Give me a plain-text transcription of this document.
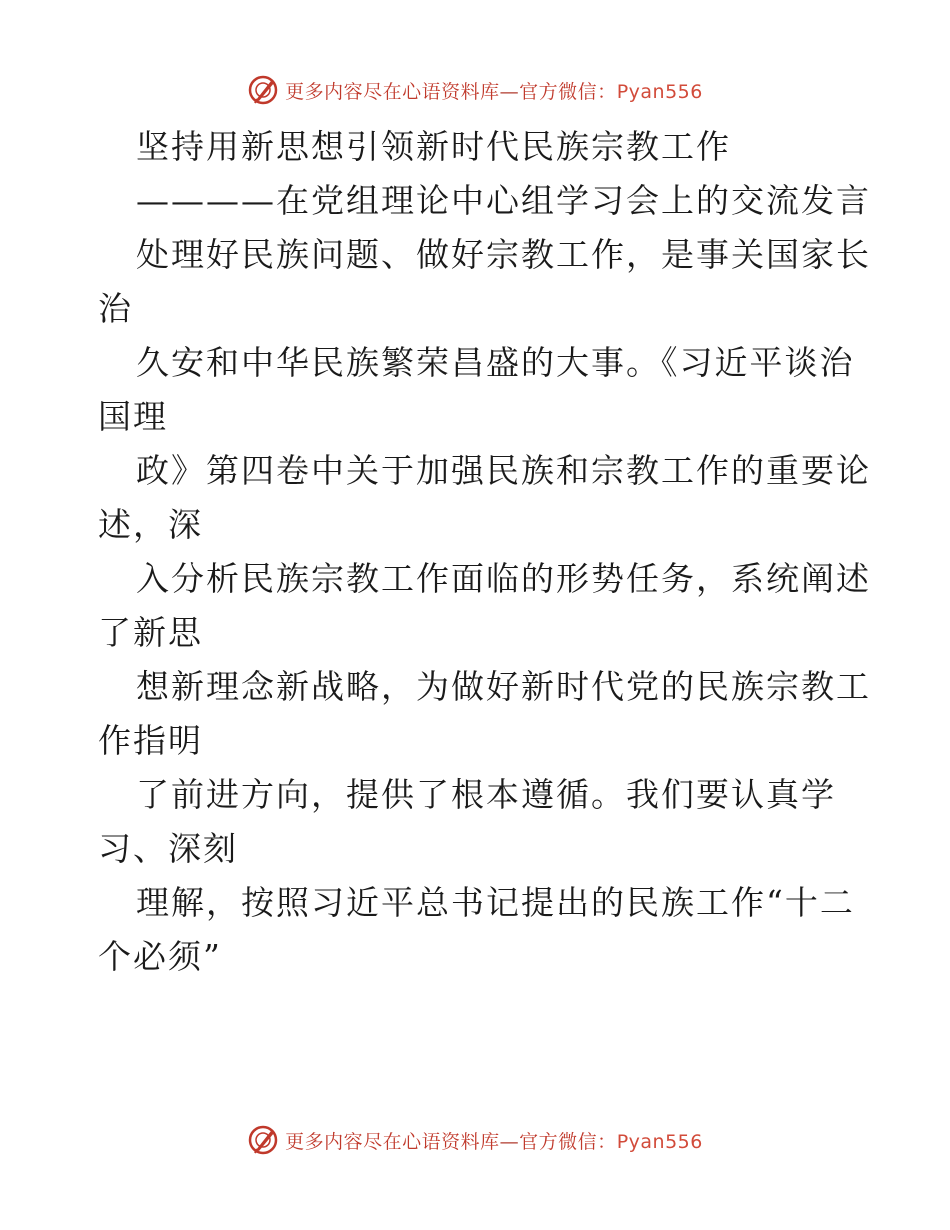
更多内容尽在心语资料库—官方微信：Pyan556
坚持用新思想引领新时代民族宗教工作
————在党组理论中心组学习会上的交流发言
处理好民族问题、做好宗教工作，是事关国家长
治
久安和中华民族繁荣昌盛的大事。《习近平谈治
国理
政》第四卷中关于加强民族和宗教工作的重要论
述，深
入分析民族宗教工作面临的形势任务，系统阐述
了新思
想新理念新战略，为做好新时代党的民族宗教工
作指明
了前进方向，提供了根本遵循。我们要认真学
习、深刻
理解，按照习近平总书记提出的民族工作“十二
个必须”
更多内容尽在心语资料库—官方微信：Pyan556
